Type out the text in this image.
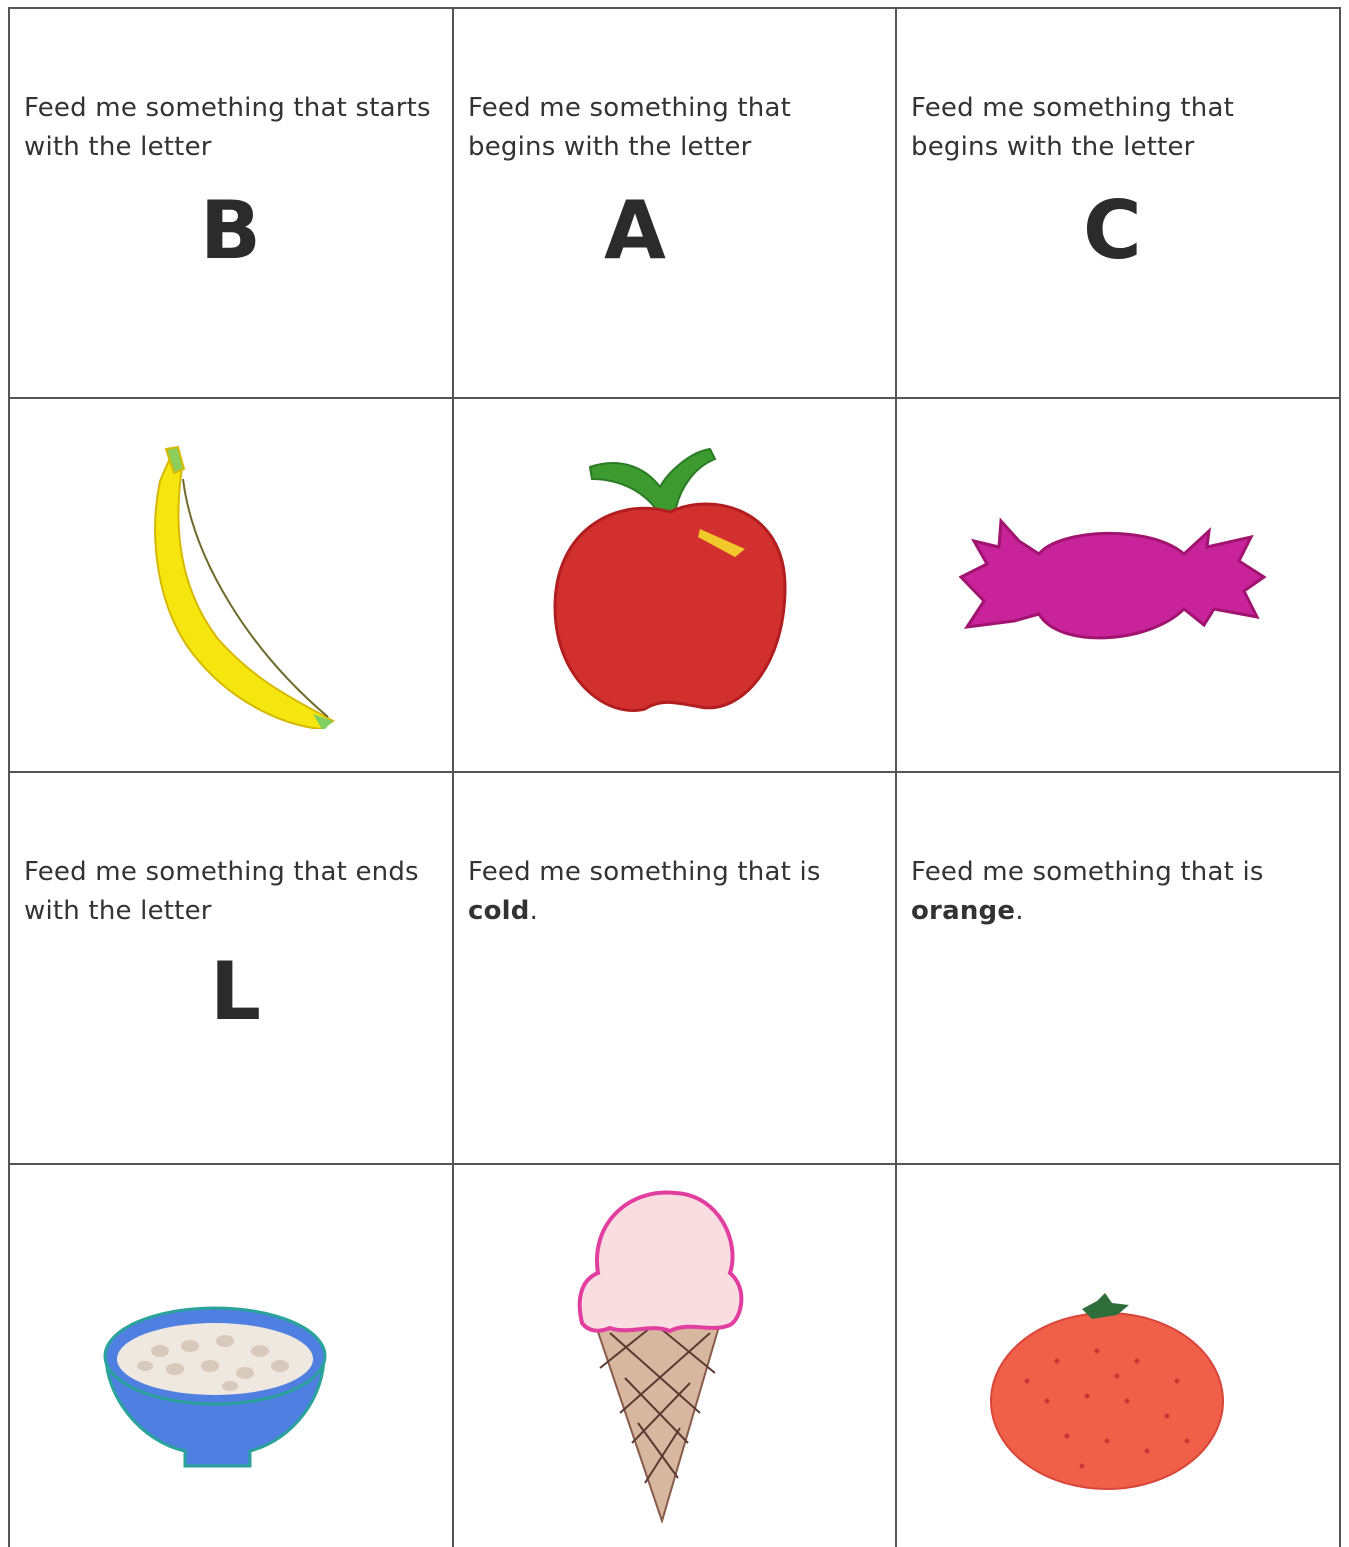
Feed me something that starts with the letter
B
Feed me something that begins with the letter
A
Feed me something that begins with the letter
C
Feed me something that ends with the letter
L
Feed me something that is cold.
Feed me something that is orange.
